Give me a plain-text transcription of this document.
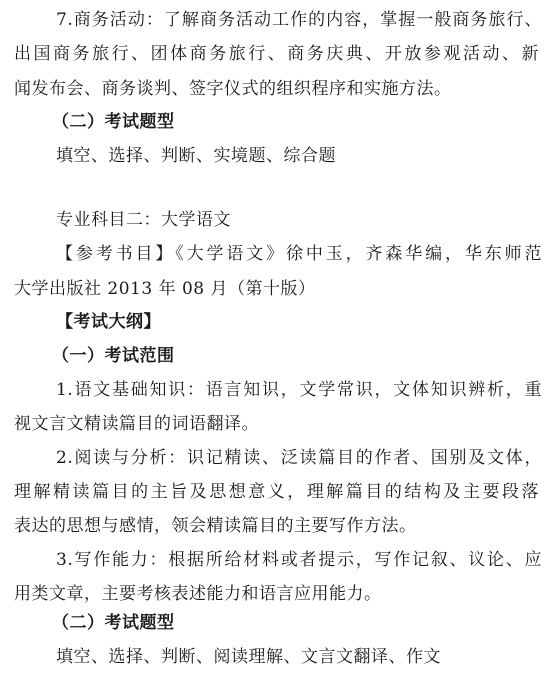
7.商务活动：了解商务活动工作的内容，掌握一般商务旅行、
出国商务旅行、团体商务旅行、商务庆典、开放参观活动、新
闻发布会、商务谈判、签字仪式的组织程序和实施方法。
（二）考试题型
填空、选择、判断、实境题、综合题
专业科目二：大学语文
【参考书目】《大学语文》徐中玉，齐森华编，华东师范
大学出版社 2013 年 08 月（第十版）
【考试大纲】
（一）考试范围
1.语文基础知识：语言知识，文学常识，文体知识辨析，重
视文言文精读篇目的词语翻译。
2.阅读与分析：识记精读、泛读篇目的作者、国别及文体，
理解精读篇目的主旨及思想意义，理解篇目的结构及主要段落
表达的思想与感情，领会精读篇目的主要写作方法。
3.写作能力：根据所给材料或者提示，写作记叙、议论、应
用类文章，主要考核表述能力和语言应用能力。
（二）考试题型
填空、选择、判断、阅读理解、文言文翻译、作文
